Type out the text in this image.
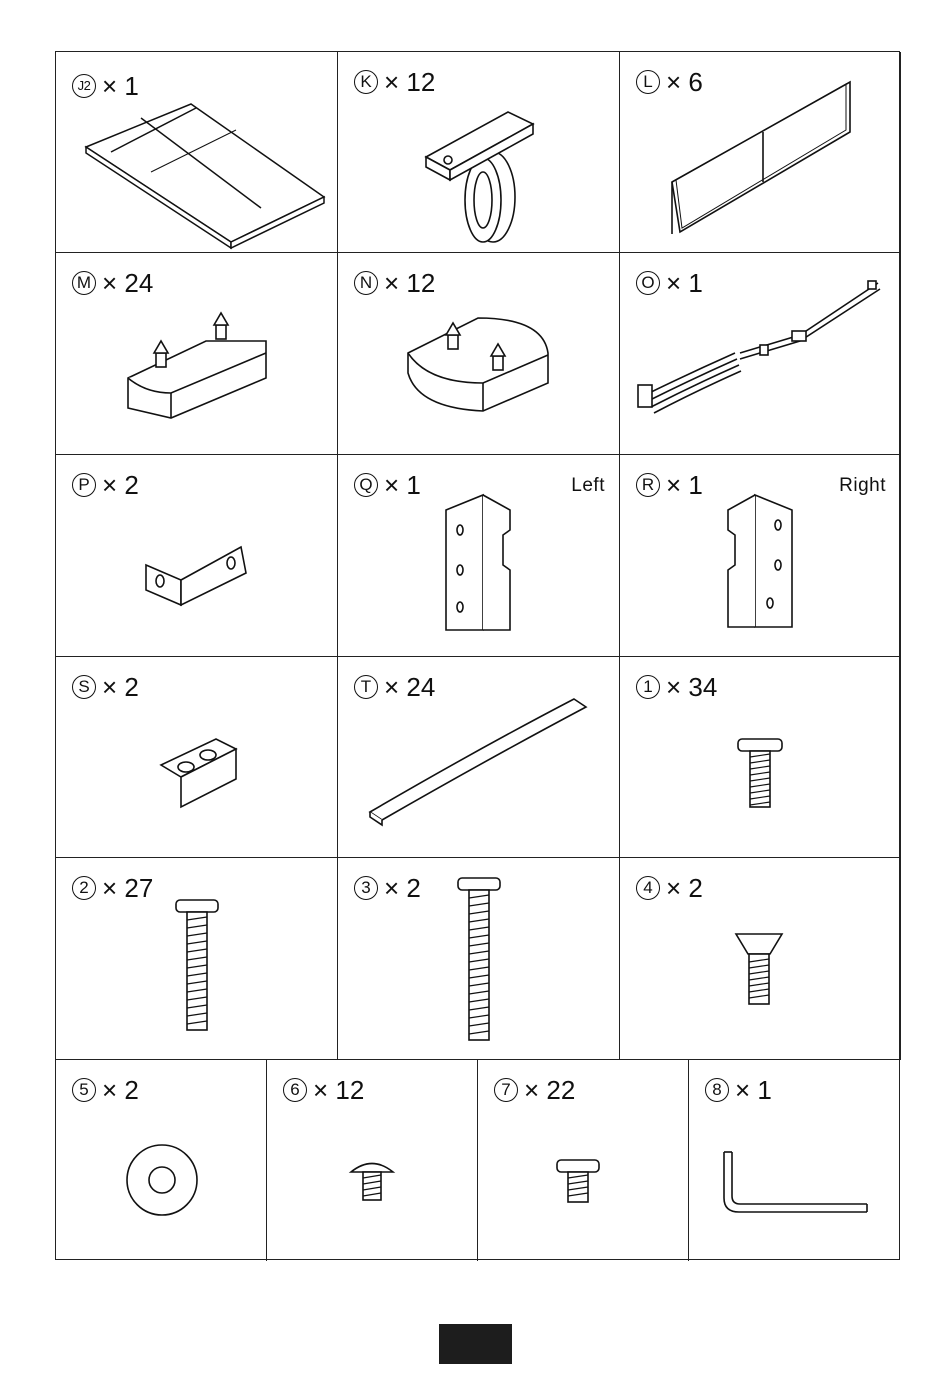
J2 × 1	K × 12	L × 6
M × 24	N × 12	O × 1
P × 2	Q × 1	Left	R × 1	Right
S × 2	T × 24	1 × 34
2 × 27	3 × 2	4 × 2
5 × 2	6 × 12	7 × 22	8 × 1
